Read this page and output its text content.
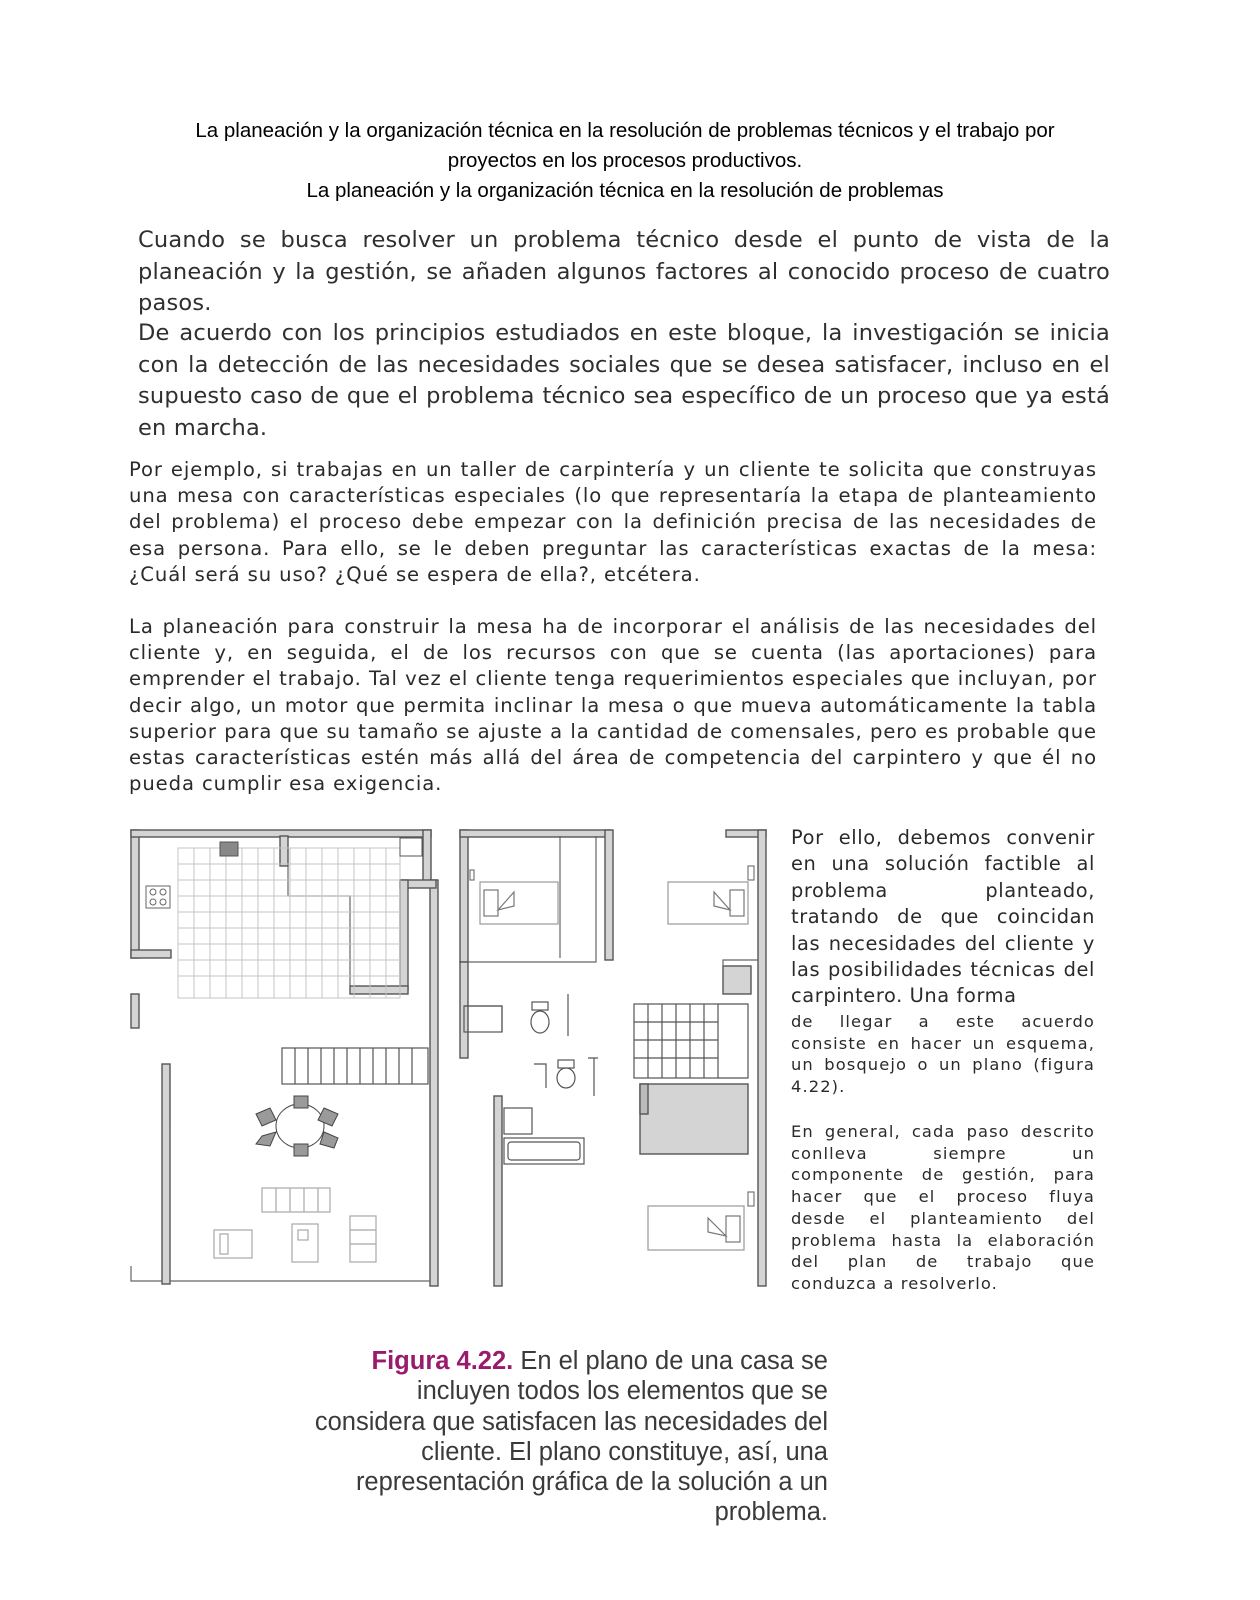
La planeación y la organización técnica en la resolución de problemas técnicos y el trabajo por
proyectos en los procesos productivos.
La planeación y la organización técnica en la resolución de problemas
Cuando se busca resolver un problema técnico desde el punto de vista de la planeación y la gestión, se añaden algunos factores al conocido proceso de cuatro pasos.
De acuerdo con los principios estudiados en este bloque, la investigación se inicia con la detección de las necesidades sociales que se desea satisfacer, incluso en el supuesto caso de que el problema técnico sea específico de un proceso que ya está en marcha.
Por ejemplo, si trabajas en un taller de carpintería y un cliente te solicita que construyas una mesa con características especiales (lo que representaría la etapa de planteamiento del problema) el proceso debe empezar con la definición precisa de las necesidades de esa persona. Para ello, se le deben preguntar las características exactas de la mesa: ¿Cuál será su uso? ¿Qué se espera de ella?, etcétera.
La planeación para construir la mesa ha de incorporar el análisis de las necesidades del cliente y, en seguida, el de los recursos con que se cuenta (las aportaciones) para emprender el trabajo. Tal vez el cliente tenga requerimientos especiales que incluyan, por decir algo, un motor que permita inclinar la mesa o que mueva automáticamente la tabla superior para que su tamaño se ajuste a la cantidad de comensales, pero es probable que estas características estén más allá del área de competencia del carpintero y que él no pueda cumplir esa exigencia.
Por ello, debemos convenir en una solución factible al problema planteado, tratando de que coincidan las necesidades del cliente y las posibilidades técnicas del carpintero. Una forma
de llegar a este acuerdo consiste en hacer un esquema, un bosquejo o un plano (figura 4.22).
En general, cada paso descrito conlleva siempre un componente de gestión, para hacer que el proceso fluya desde el planteamiento del problema hasta la elaboración del plan de trabajo que conduzca a resolverlo.
Figura 4.22. En el plano de una casa se incluyen todos los elementos que se considera que satisfacen las necesidades del cliente. El plano constituye, así, una representación gráfica de la solución a un problema.
